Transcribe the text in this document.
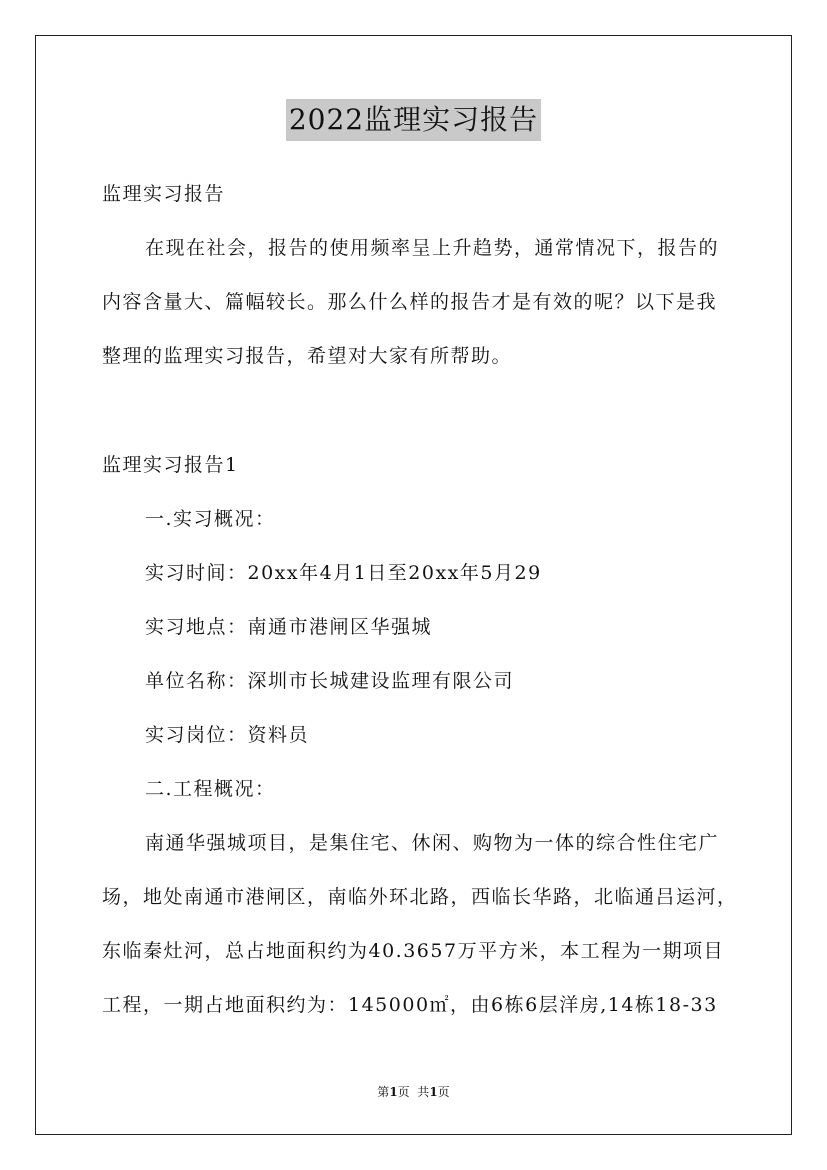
2022监理实习报告
监理实习报告
在现在社会，报告的使用频率呈上升趋势，通常情况下，报告的
内容含量大、篇幅较长。那么什么样的报告才是有效的呢？以下是我
整理的监理实习报告，希望对大家有所帮助。
监理实习报告1
一.实习概况：
实习时间：20xx年4月1日至20xx年5月29
实习地点：南通市港闸区华强城
单位名称：深圳市长城建设监理有限公司
实习岗位：资料员
二.工程概况：
南通华强城项目，是集住宅、休闲、购物为一体的综合性住宅广
场，地处南通市港闸区，南临外环北路，西临长华路，北临通吕运河，
东临秦灶河，总占地面积约为40.3657万平方米，本工程为一期项目
工程，一期占地面积约为：145000㎡，由6栋6层洋房,14栋18-33
第1页  共1页
